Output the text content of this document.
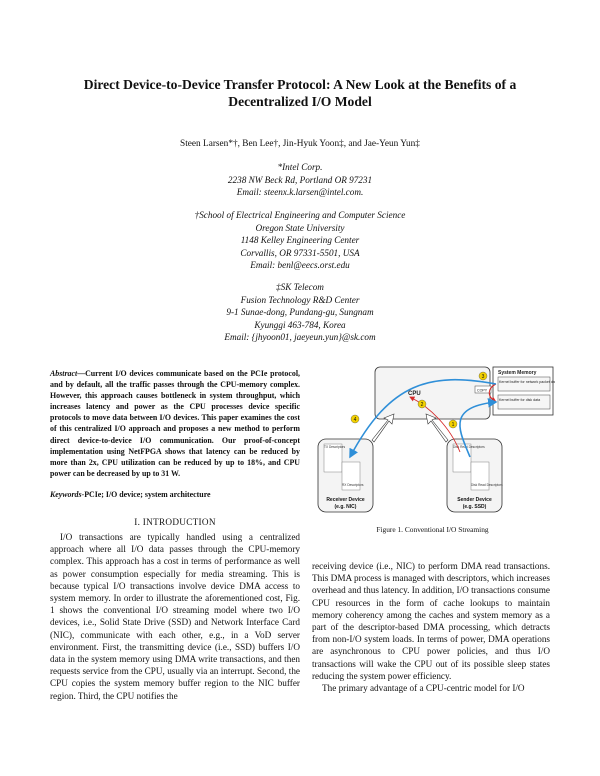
Direct Device-to-Device Transfer Protocol: A New Look at the Benefits of a
Decentralized I/O Model
Steen Larsen*†, Ben Lee†, Jin-Hyuk Yoon‡, and Jae-Yeun Yun‡
*Intel Corp.
2238 NW Beck Rd, Portland OR 97231
Email: steenx.k.larsen@intel.com.
†School of Electrical Engineering and Computer Science
Oregon State University
1148 Kelley Engineering Center
Corvallis, OR 97331-5501, USA
Email: benl@eecs.orst.edu
‡SK Telecom
Fusion Technology R&D Center
9-1 Sunae-dong, Pundang-gu, Sungnam
Kyunggi 463-784, Korea
Email: {jhyoon01, jaeyeun.yun}@sk.com
Abstract—Current I/O devices communicate based on the PCIe protocol, and by default, all the traffic passes through the CPU-memory complex. However, this approach causes bottleneck in system throughput, which increases latency and power as the CPU processes device specific protocols to move data between I/O devices. This paper examines the cost of this centralized I/O approach and proposes a new method to perform direct device-to-device I/O communication. Our proof-of-concept implementation using NetFPGA shows that latency can be reduced by more than 2x, CPU utilization can be reduced by up to 18%, and CPU power can be decreased by up to 31 W.
Keywords-PCIe; I/O device; system architecture
I. INTRODUCTION

I/O transactions are typically handled using a centralized approach where all I/O data passes through the CPU-memory complex. This approach has a cost in terms of performance as well as power consumption especially for media streaming. This is because typical I/O transactions involve device DMA access to system memory. In order to illustrate the aforementioned cost, Fig. 1 shows the conventional I/O streaming model where two I/O devices, i.e., Solid State Drive (SSD) and Network Interface Card (NIC), communicate with each other, e.g., in a VoD server environment. First, the transmitting device (i.e., SSD) buffers I/O data in the system memory using DMA write transactions, and then requests service from the CPU, usually via an interrupt. Second, the CPU copies the system memory buffer region to the NIC buffer region. Third, the CPU notifies the

receiving device (i.e., NIC) to perform DMA read transactions. This DMA process is managed with descriptors, which increases overhead and thus latency. In addition, I/O transactions consume CPU resources in the form of cache lookups to maintain memory coherency among the caches and system memory as a part of the descriptor-based DMA processing, which detracts from non-I/O system loads. In terms of power, DMA operations are asynchronous to CPU power policies, and thus I/O transactions will wake the CPU out of its possible sleep states reducing the system power efficiency.

The primary advantage of a CPU-centric model for I/O

CPU
System Memory
Kernel buffer for network packet data
Kernel buffer for disk data
COPY
TX Descriptors
RX Descriptors
Receiver Device
(e.g. NIC)
Disk Read Descriptors
Disk Read Descriptors
Sender Device
(e.g. SSD)
1
2
3
4
Figure 1. Conventional I/O Streaming
